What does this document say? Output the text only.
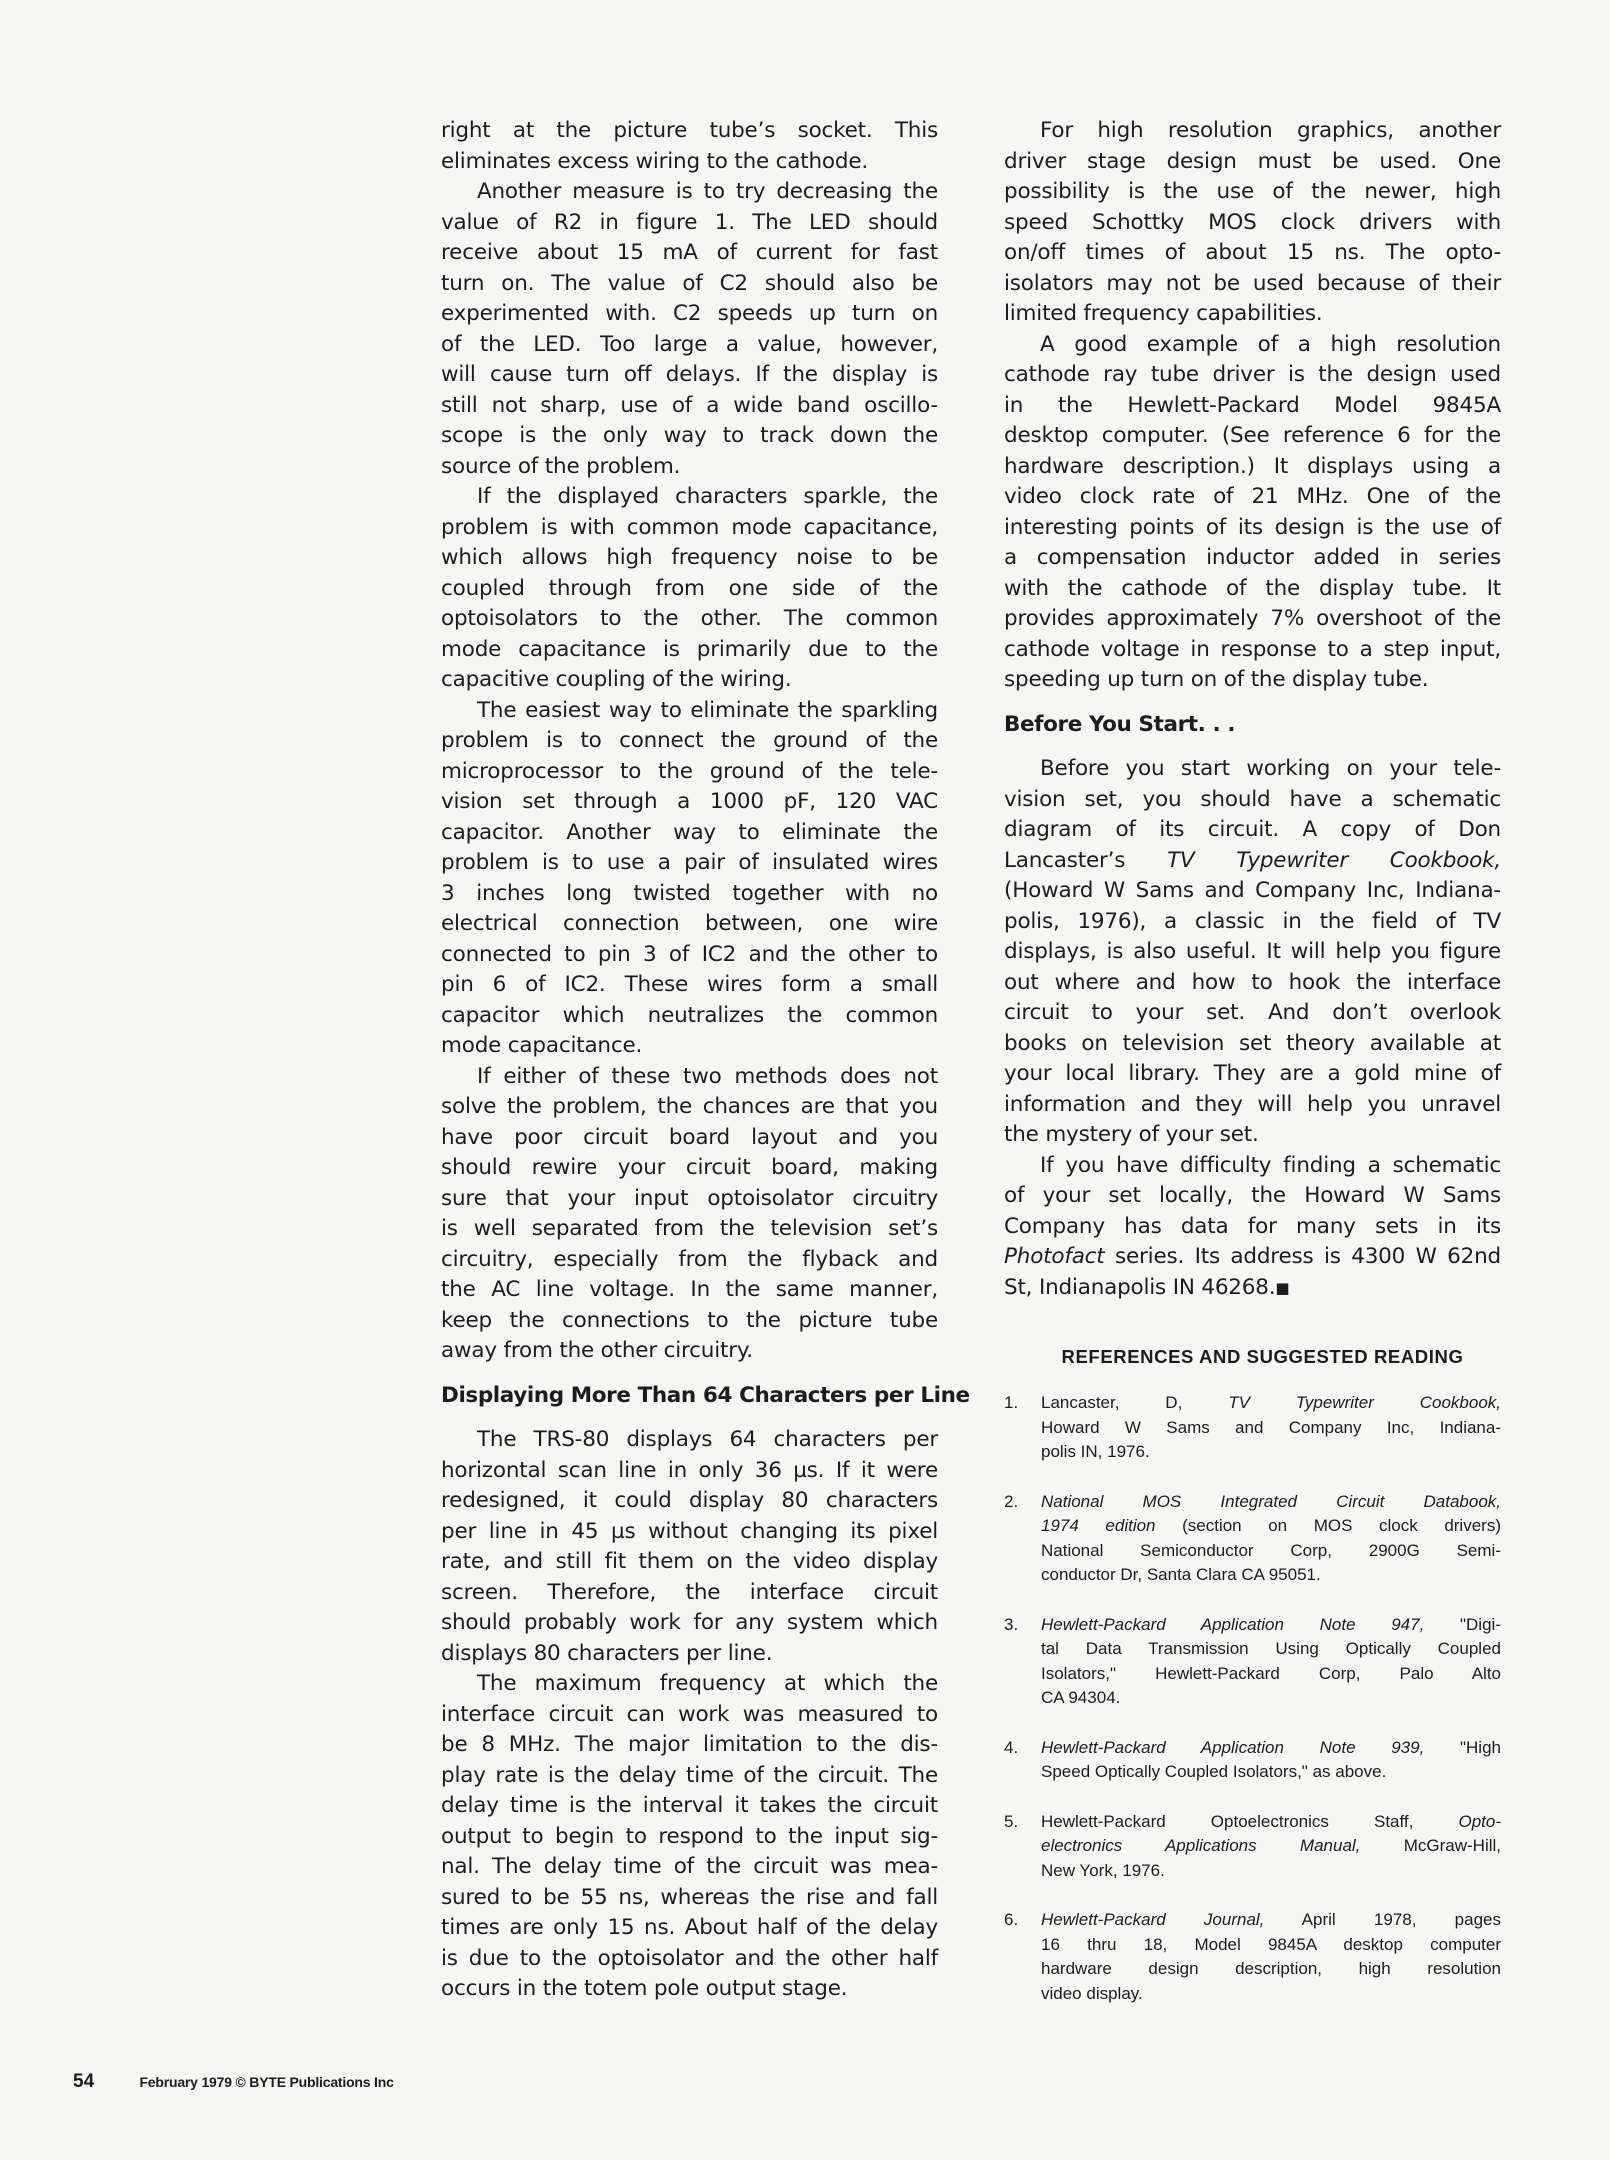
right at the picture tube’s socket. This
eliminates excess wiring to the cathode.
Another measure is to try decreasing the
value of R2 in figure 1. The LED should
receive about 15 mA of current for fast
turn on. The value of C2 should also be
experimented with. C2 speeds up turn on
of the LED. Too large a value, however,
will cause turn off delays. If the display is
still not sharp, use of a wide band oscillo-
scope is the only way to track down the
source of the problem.
If the displayed characters sparkle, the
problem is with common mode capacitance,
which allows high frequency noise to be
coupled through from one side of the
optoisolators to the other. The common
mode capacitance is primarily due to the
capacitive coupling of the wiring.
The easiest way to eliminate the sparkling
problem is to connect the ground of the
microprocessor to the ground of the tele-
vision set through a 1000 pF, 120 VAC
capacitor. Another way to eliminate the
problem is to use a pair of insulated wires
3 inches long twisted together with no
electrical connection between, one wire
connected to pin 3 of IC2 and the other to
pin 6 of IC2. These wires form a small
capacitor which neutralizes the common
mode capacitance.
If either of these two methods does not
solve the problem, the chances are that you
have poor circuit board layout and you
should rewire your circuit board, making
sure that your input optoisolator circuitry
is well separated from the television set’s
circuitry, especially from the flyback and
the AC line voltage. In the same manner,
keep the connections to the picture tube
away from the other circuitry.
Displaying More Than 64 Characters per Line
The TRS-80 displays 64 characters per
horizontal scan line in only 36 µs. If it were
redesigned, it could display 80 characters
per line in 45 µs without changing its pixel
rate, and still fit them on the video display
screen. Therefore, the interface circuit
should probably work for any system which
displays 80 characters per line.
The maximum frequency at which the
interface circuit can work was measured to
be 8 MHz. The major limitation to the dis-
play rate is the delay time of the circuit. The
delay time is the interval it takes the circuit
output to begin to respond to the input sig-
nal. The delay time of the circuit was mea-
sured to be 55 ns, whereas the rise and fall
times are only 15 ns. About half of the delay
is due to the optoisolator and the other half
occurs in the totem pole output stage.
For high resolution graphics, another
driver stage design must be used. One
possibility is the use of the newer, high
speed Schottky MOS clock drivers with
on/off times of about 15 ns. The opto-
isolators may not be used because of their
limited frequency capabilities.
A good example of a high resolution
cathode ray tube driver is the design used
in the Hewlett-Packard Model 9845A
desktop computer. (See reference 6 for the
hardware description.) It displays using a
video clock rate of 21 MHz. One of the
interesting points of its design is the use of
a compensation inductor added in series
with the cathode of the display tube. It
provides approximately 7% overshoot of the
cathode voltage in response to a step input,
speeding up turn on of the display tube.
Before You Start. . .
Before you start working on your tele-
vision set, you should have a schematic
diagram of its circuit. A copy of Don
Lancaster’s TV Typewriter Cookbook,
(Howard W Sams and Company Inc, Indiana-
polis, 1976), a classic in the field of TV
displays, is also useful. It will help you figure
out where and how to hook the interface
circuit to your set. And don’t overlook
books on television set theory available at
your local library. They are a gold mine of
information and they will help you unravel
the mystery of your set.
If you have difficulty finding a schematic
of your set locally, the Howard W Sams
Company has data for many sets in its
Photofact series. Its address is 4300 W 62nd
St, Indianapolis IN 46268.■
REFERENCES AND SUGGESTED READING
1. Lancaster, D, TV Typewriter Cookbook,
Howard W Sams and Company Inc, Indiana-
polis IN, 1976.
2. National MOS Integrated Circuit Databook,
1974 edition (section on MOS clock drivers)
National Semiconductor Corp, 2900G Semi-
conductor Dr, Santa Clara CA 95051.
3. Hewlett-Packard Application Note 947, "Digi-
tal Data Transmission Using Optically Coupled
Isolators," Hewlett-Packard Corp, Palo Alto
CA 94304.
4. Hewlett-Packard Application Note 939, "High
Speed Optically Coupled Isolators," as above.
5. Hewlett-Packard Optoelectronics Staff, Opto-
electronics Applications Manual, McGraw-Hill,
New York, 1976.
6. Hewlett-Packard Journal, April 1978, pages
16 thru 18, Model 9845A desktop computer
hardware design description, high resolution
video display.
54	February 1979 © BYTE Publications Inc
